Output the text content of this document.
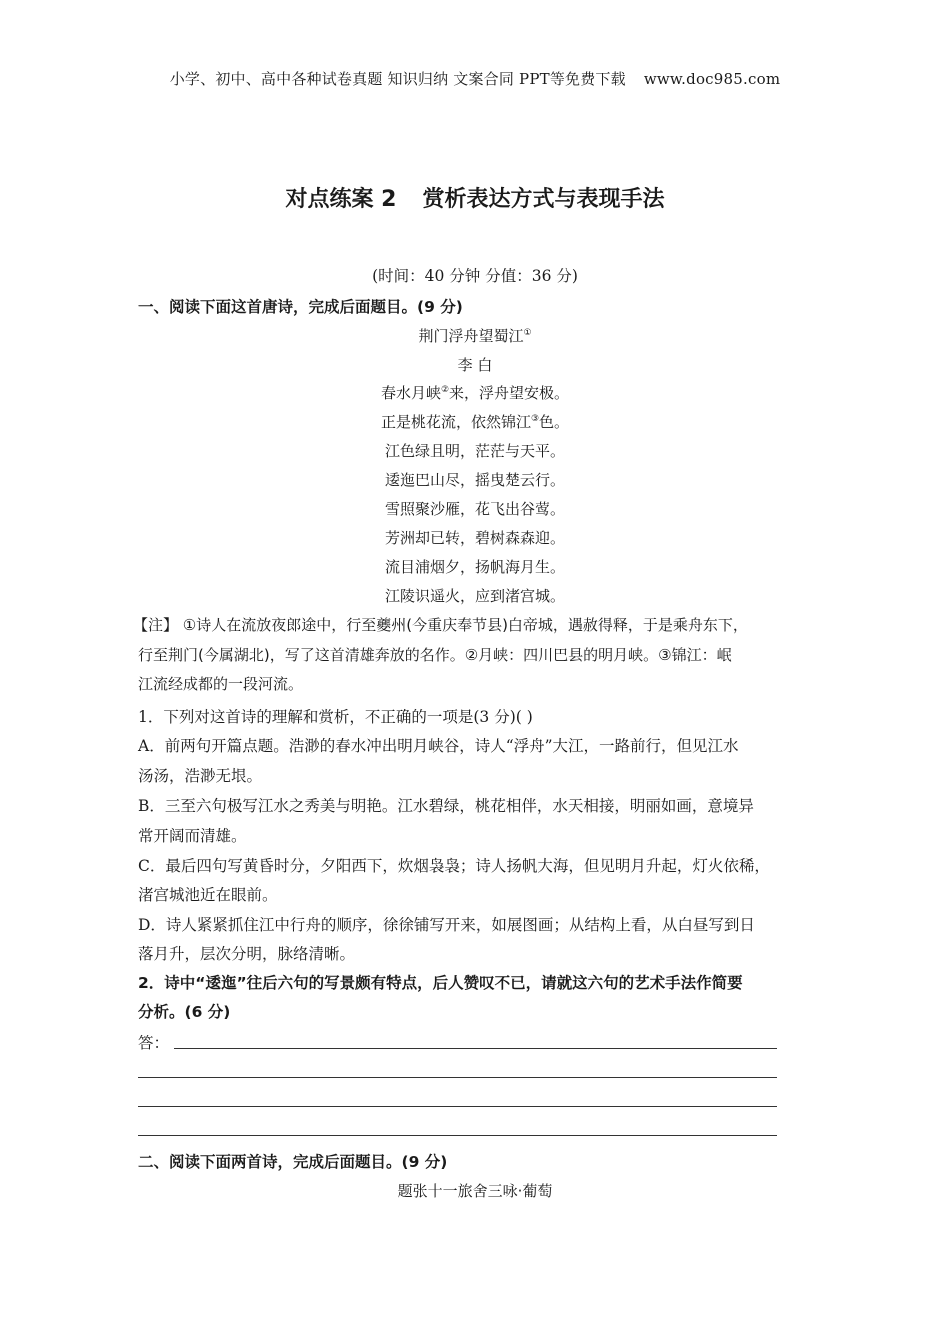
小学、初中、高中各种试卷真题 知识归纳 文案合同 PPT等免费下载 www.doc985.com
对点练案 2 赏析表达方式与表现手法
(时间：40 分钟 分值：36 分)
一、阅读下面这首唐诗，完成后面题目。(9 分)
荆门浮舟望蜀江①
李 白
春水月峡②来，浮舟望安极。
正是桃花流，依然锦江③色。
江色绿且明，茫茫与天平。
逶迤巴山尽，摇曳楚云行。
雪照聚沙雁，花飞出谷莺。
芳洲却已转，碧树森森迎。
流目浦烟夕，扬帆海月生。
江陵识遥火，应到渚宫城。
【注】 ①诗人在流放夜郎途中，行至夔州(今重庆奉节县)白帝城，遇赦得释，于是乘舟东下，
行至荆门(今属湖北)，写了这首清雄奔放的名作。②月峡：四川巴县的明月峡。③锦江：岷
江流经成都的一段河流。
1．下列对这首诗的理解和赏析，不正确的一项是(3 分)( )
A．前两句开篇点题。浩渺的春水冲出明月峡谷，诗人“浮舟”大江，一路前行，但见江水
汤汤，浩渺无垠。
B．三至六句极写江水之秀美与明艳。江水碧绿，桃花相伴，水天相接，明丽如画，意境异
常开阔而清雄。
C．最后四句写黄昏时分，夕阳西下，炊烟袅袅；诗人扬帆大海，但见明月升起，灯火依稀，
渚宫城池近在眼前。
D．诗人紧紧抓住江中行舟的顺序，徐徐铺写开来，如展图画；从结构上看，从白昼写到日
落月升，层次分明，脉络清晰。
2．诗中“逶迤”往后六句的写景颇有特点，后人赞叹不已，请就这六句的艺术手法作简要
分析。(6 分)
答：
二、阅读下面两首诗，完成后面题目。(9 分)
题张十一旅舍三咏·葡萄
